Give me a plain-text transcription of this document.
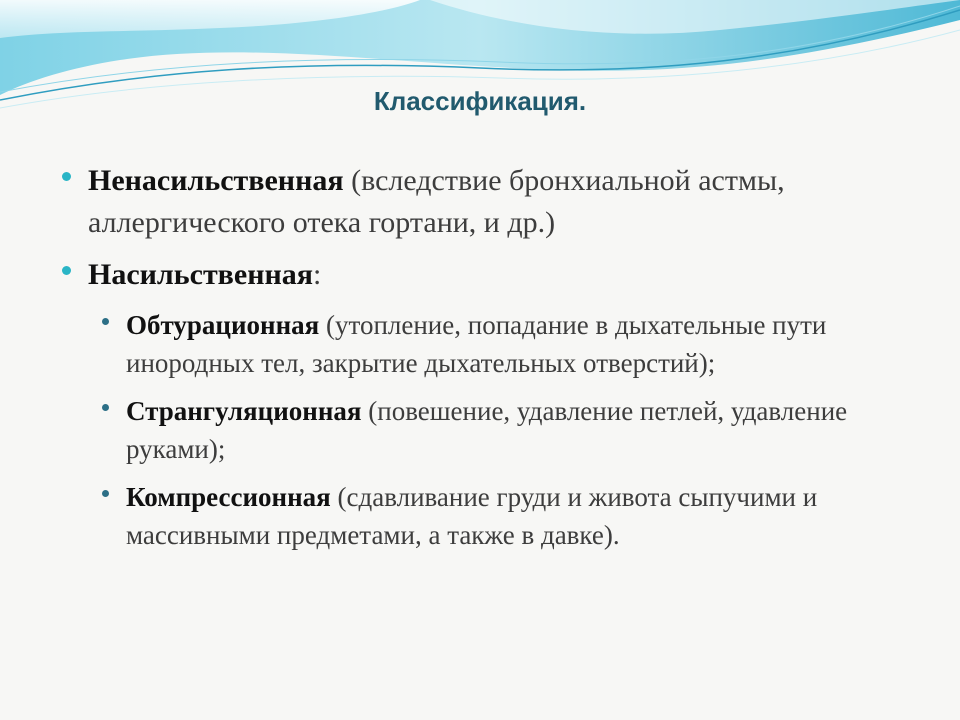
Классификация.
Ненасильственная (вследствие бронхиальной астмы, аллергического отека гортани, и др.)
Насильственная:
Обтурационная (утопление, попадание в дыхательные пути инородных тел, закрытие дыхательных отверстий);
Странгуляционная (повешение, удавление петлей, удавление руками);
Компрессионная (сдавливание груди и живота сыпучими и массивными предметами, а также в давке).
